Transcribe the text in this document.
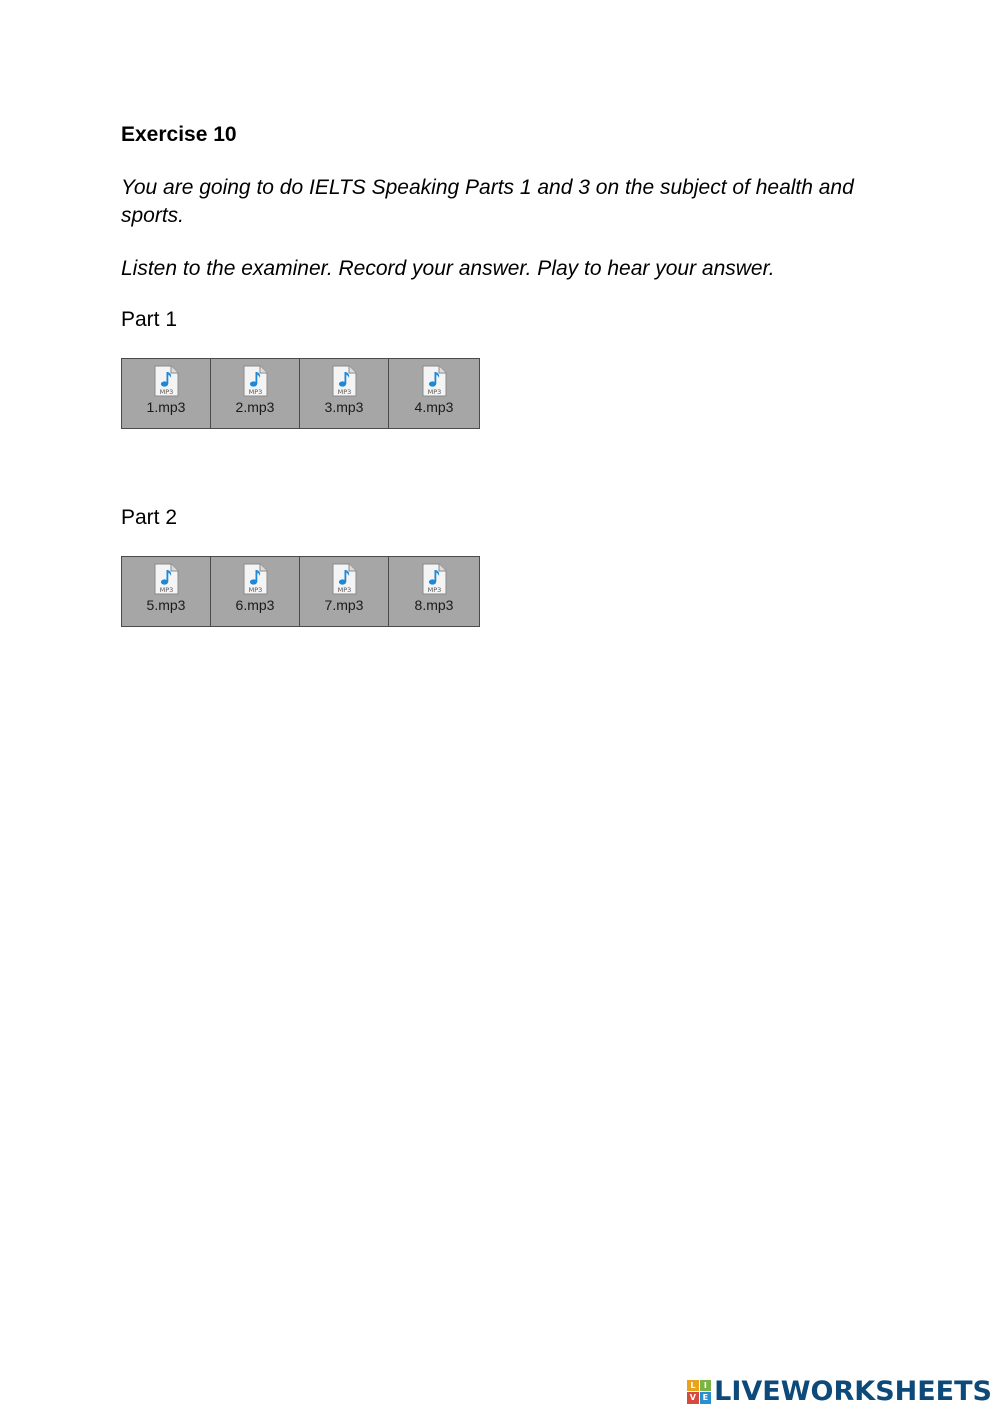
Exercise 10
You are going to do IELTS Speaking Parts 1 and 3 on the subject of health and sports.
Listen to the examiner. Record your answer. Play to hear your answer.
Part 1
MP3
1.mp3
MP3
2.mp3
MP3
3.mp3
MP3
4.mp3
Part 2
MP3
5.mp3
MP3
6.mp3
MP3
7.mp3
MP3
8.mp3
L	I
V E LIVEWORKSHEETS
